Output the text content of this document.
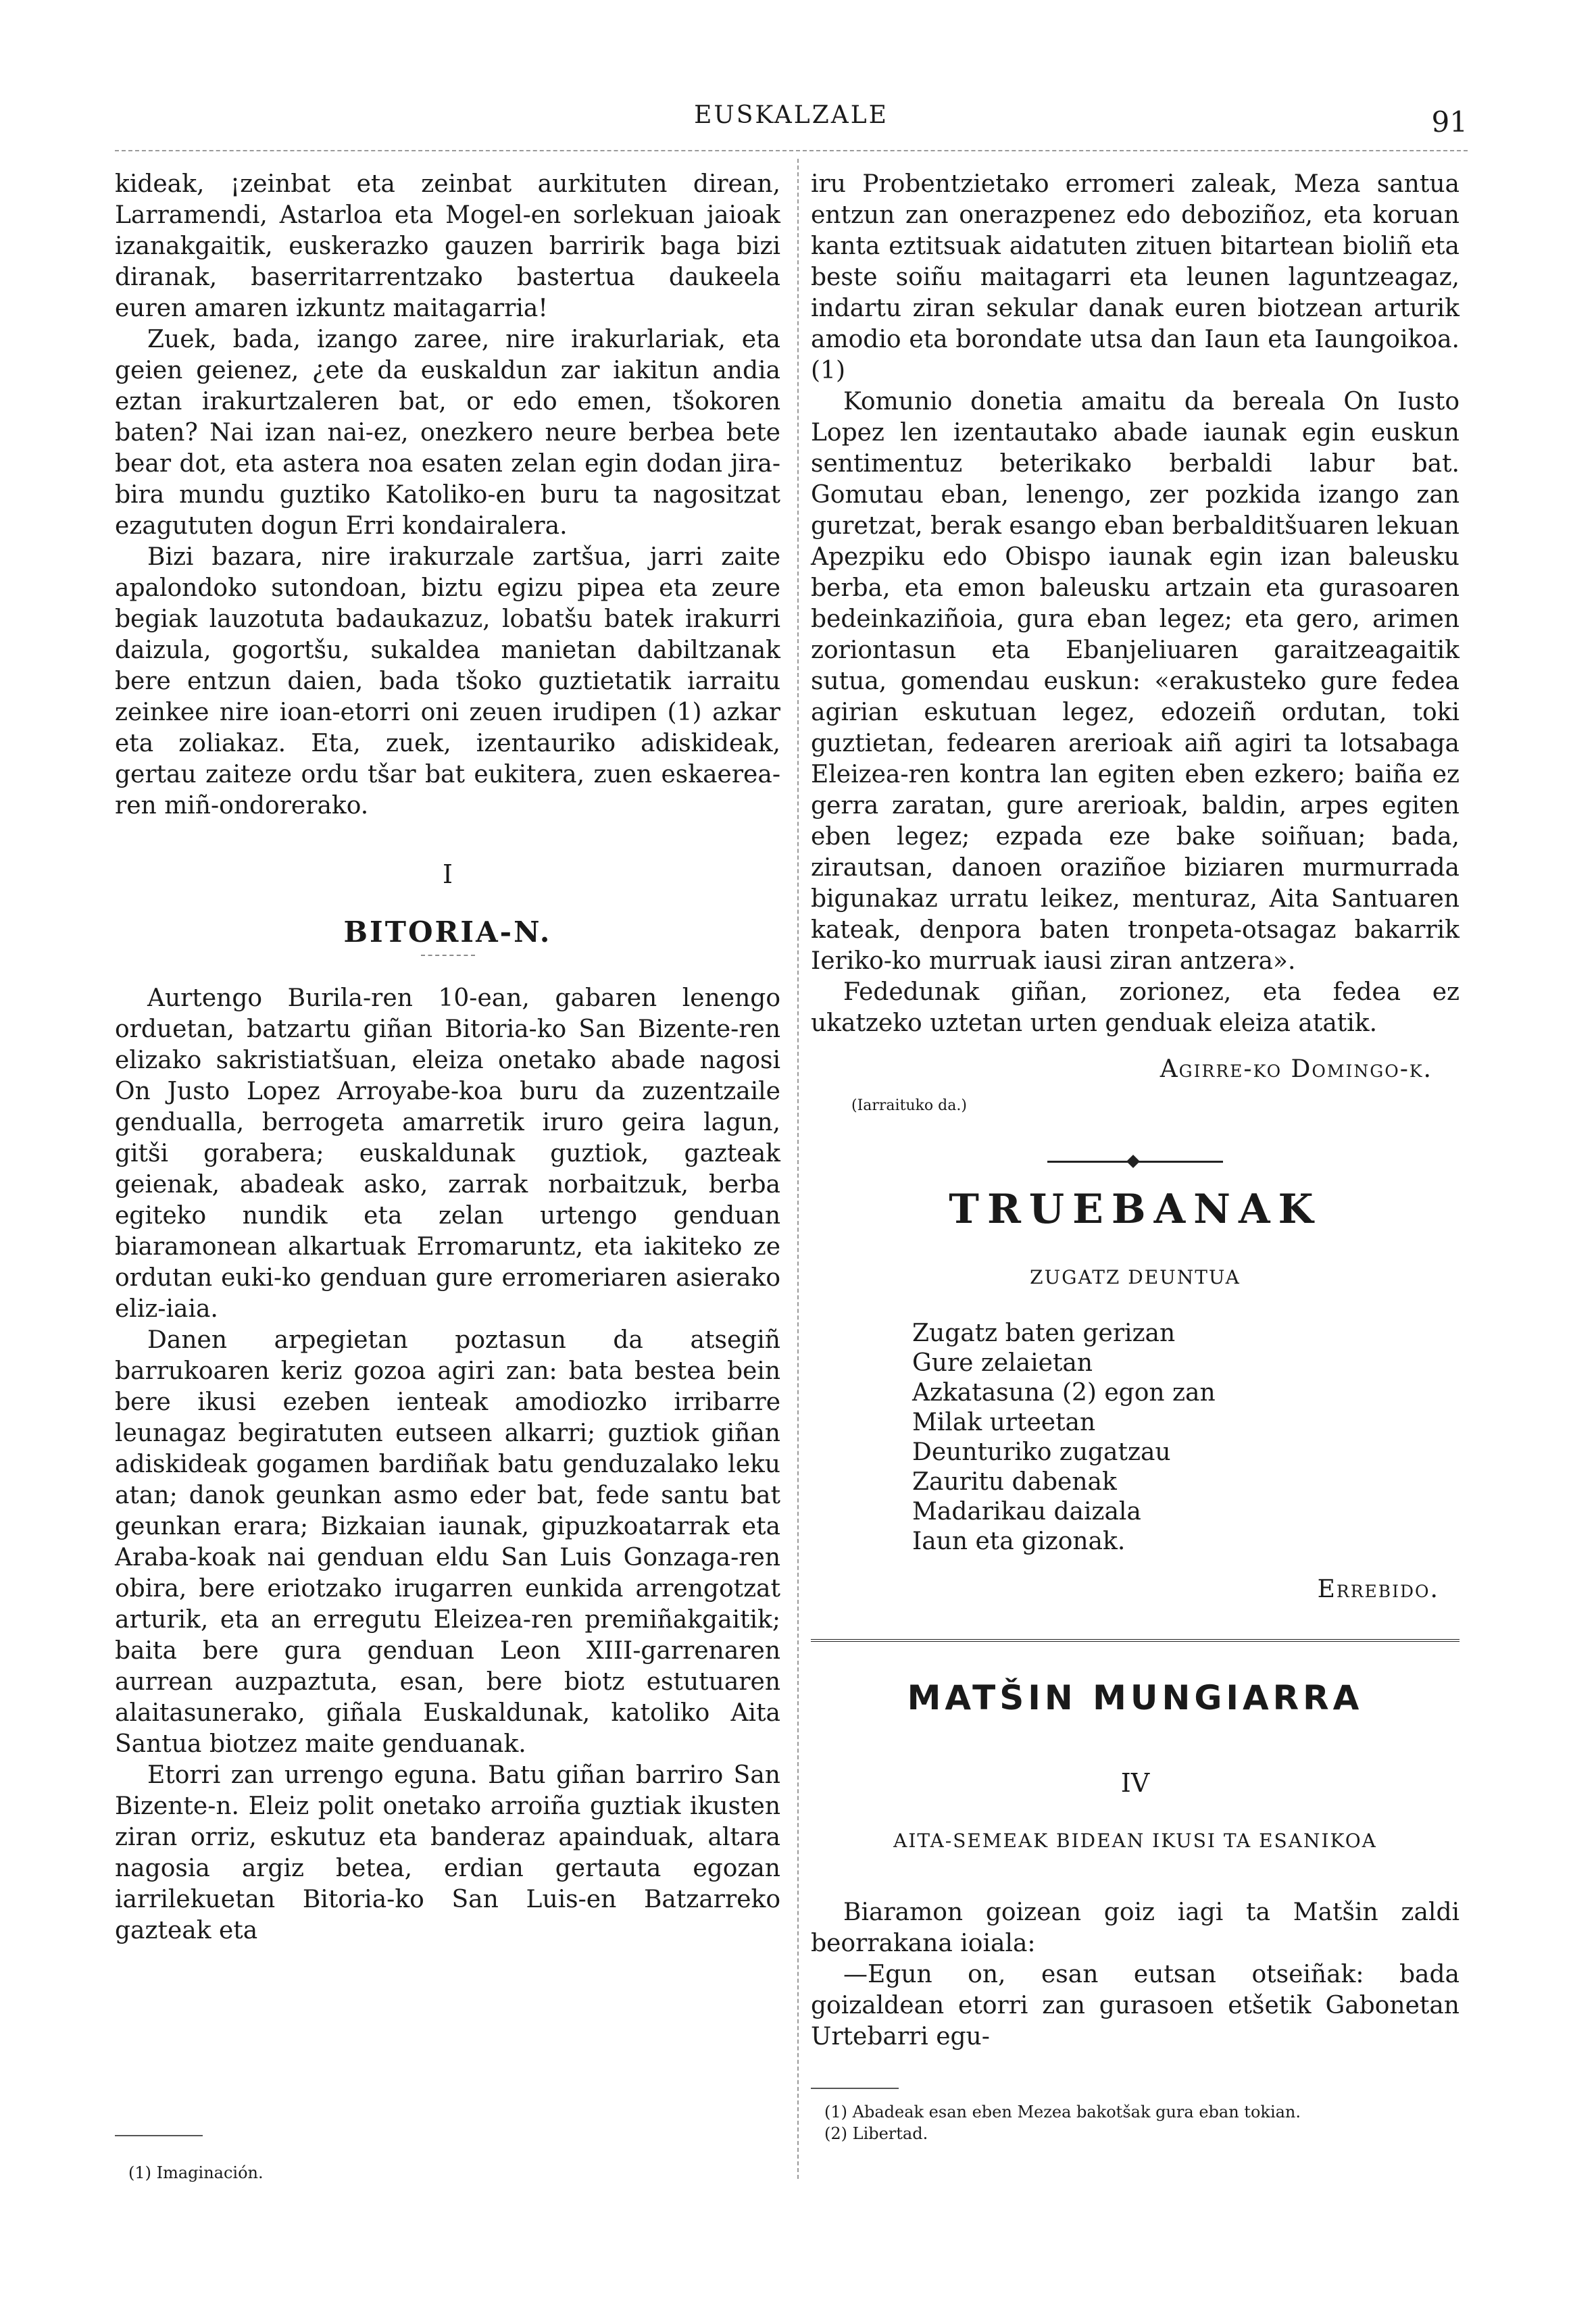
EUSKALZALE	91

kideak, ¡zeinbat eta zeinbat aurkituten direan, Larramendi, Astarloa eta Mogel-en sorlekuan jaioak izanakgaitik, euskerazko gauzen barririk baga bizi diranak, baserritarrentzako bastertua daukeela euren amaren izkuntz maitagarria!

Zuek, bada, izango zaree, nire irakurlariak, eta geien geienez, ¿ete da euskaldun zar iakitun andia eztan irakurtzaleren bat, or edo emen, tšokoren baten? Nai izan nai-ez, onezkero neure berbea bete bear dot, eta astera noa esaten zelan egin dodan jira-bira mundu guztiko Katoliko-en buru ta nagositzat ezagututen dogun Erri kondairalera.

Bizi bazara, nire irakurzale zartšua, jarri zaite apalondoko sutondoan, biztu egizu pipea eta zeure begiak lauzotuta badaukazuz, lobatšu batek irakurri daizula, gogortšu, sukaldea manietan dabiltzanak bere entzun daien, bada tšoko guztietatik iarraitu zeinkee nire ioan-etorri oni zeuen irudipen (1) azkar eta zoliakaz. Eta, zuek, izentauriko adiskideak, gertau zaiteze ordu tšar bat eukitera, zuen eskaerea-ren miñ-ondorerako.

I
BITORIA-N.

Aurtengo Burila-ren 10-ean, gabaren lenengo orduetan, batzartu giñan Bitoria-ko San Bizente-ren elizako sakristiatšuan, eleiza onetako abade nagosi On Justo Lopez Arroyabe-koa buru da zuzentzaile gendualla, berrogeta amarretik iruro geira lagun, gitši gorabera; euskaldunak guztiok, gazteak geienak, abadeak asko, zarrak norbaitzuk, berba egiteko nundik eta zelan urtengo genduan biaramonean alkartuak Erromaruntz, eta iakiteko ze ordutan euki-ko genduan gure erromeriaren asierako eliz-iaia.

Danen arpegietan poztasun da atsegiñ barrukoaren keriz gozoa agiri zan: bata bestea bein bere ikusi ezeben ienteak amodiozko irribarre leunagaz begiratuten eutseen alkarri; guztiok giñan adiskideak gogamen bardiñak batu genduzalako leku atan; danok geunkan asmo eder bat, fede santu bat geunkan erara; Bizkaian iaunak, gipuzkoatarrak eta Araba-koak nai genduan eldu San Luis Gonzaga-ren obira, bere eriotzako irugarren eunkida arrengotzat arturik, eta an erregutu Eleizea-ren premiñakgaitik; baita bere gura genduan Leon XIII-garrenaren aurrean auzpaztuta, esan, bere biotz estutuaren alaitasunerako, giñala Euskaldunak, katoliko Aita Santua biotzez maite genduanak.

Etorri zan urrengo eguna. Batu giñan barriro San Bizente-n. Eleiz polit onetako arroiña guztiak ikusten ziran orriz, eskutuz eta banderaz apainduak, altara nagosia argiz betea, erdian gertauta egozan iarrilekuetan Bitoria-ko San Luis-en Batzarreko gazteak eta

(1) Imaginación.

iru Probentzietako erromeri zaleak, Meza santua entzun zan onerazpenez edo deboziñoz, eta koruan kanta eztitsuak aidatuten zituen bitartean bioliñ eta beste soiñu maitagarri eta leunen laguntzeagaz, indartu ziran sekular danak euren biotzean arturik amodio eta borondate utsa dan Iaun eta Iaungoikoa. (1)

Komunio donetia amaitu da bereala On Iusto Lopez len izentautako abade iaunak egin euskun sentimentuz beterikako berbaldi labur bat. Gomutau eban, lenengo, zer pozkida izango zan guretzat, berak esango eban berbalditšuaren lekuan Apezpiku edo Obispo iaunak egin izan baleusku berba, eta emon baleusku artzain eta gurasoaren bedeinkaziñoia, gura eban legez; eta gero, arimen zoriontasun eta Ebanjeliuaren garaitzeagaitik sutua, gomendau euskun: «erakusteko gure fedea agirian eskutuan legez, edozeiñ ordutan, toki guztietan, fedearen arerioak aiñ agiri ta lotsabaga Eleizea-ren kontra lan egiten eben ezkero; baiña ez gerra zaratan, gure arerioak, baldin, arpes egiten eben legez; ezpada eze bake soiñuan; bada, zirautsan, danoen oraziñoe biziaren murmurrada bigunakaz urratu leikez, menturaz, Aita Santuaren kateak, denpora baten tronpeta-otsagaz bakarrik Ieriko-ko murruak iausi ziran antzera».

Fededunak giñan, zorionez, eta fedea ez ukatzeko uztetan urten genduak eleiza atatik.

Agirre-ko Domingo-k.
(Iarraituko da.)
TRUEBANAK
ZUGATZ DEUNTUA
Zugatz baten gerizan
Gure zelaietan
Azkatasuna (2) egon zan
Milak urteetan
Deunturiko zugatzau
Zauritu dabenak
Madarikau daizala
Iaun eta gizonak.
Errebido.
MATŠIN MUNGIARRA
IV
AITA-SEMEAK BIDEAN IKUSI TA ESANIKOA

Biaramon goizean goiz iagi ta Matšin zaldi beorrakana ioiala:

—Egun on, esan eutsan otseiñak: bada goizaldean etorri zan gurasoen etšetik Gabonetan Urtebarri egu-

(1) Abadeak esan eben Mezea bakotšak gura eban tokian.
(2) Libertad.
